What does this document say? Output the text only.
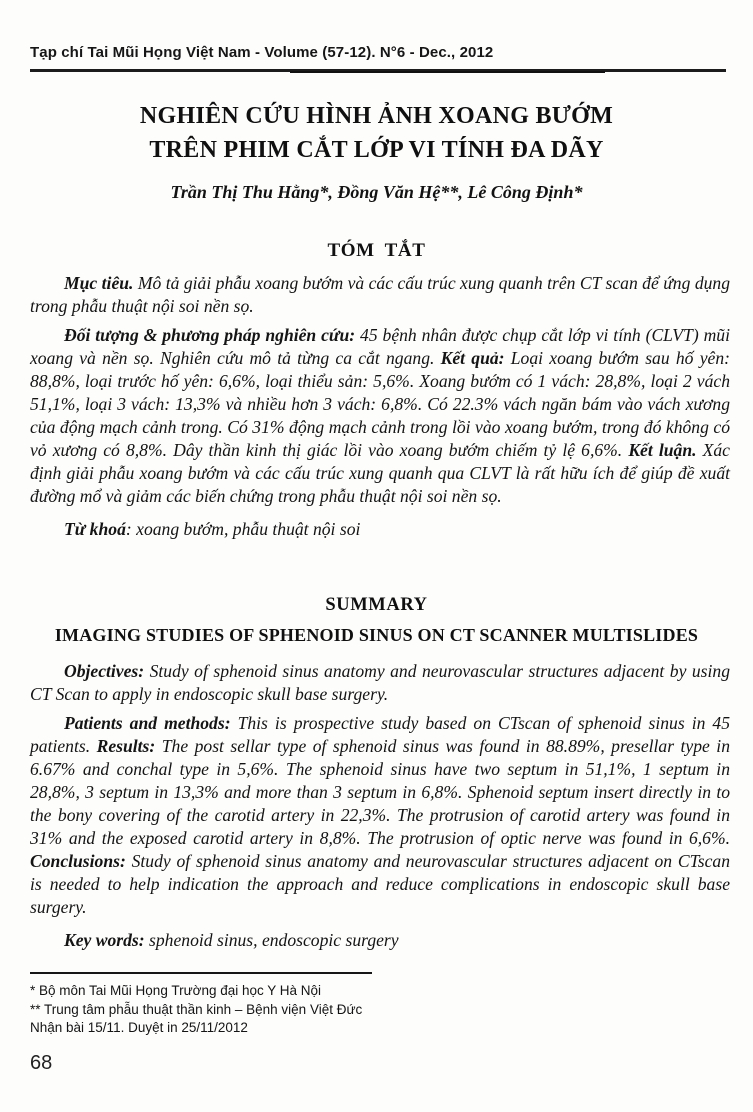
Tạp chí Tai Mũi Họng Việt Nam - Volume (57-12). N°6 - Dec., 2012
NGHIÊN CỨU HÌNH ẢNH XOANG BƯỚM
TRÊN PHIM CẮT LỚP VI TÍNH ĐA DÃY
Trần Thị Thu Hằng*, Đồng Văn Hệ**, Lê Công Định*
TÓM TẮT

Mục tiêu. Mô tả giải phẫu xoang bướm và các cấu trúc xung quanh trên CT scan để ứng dụng trong phẫu thuật nội soi nền sọ.

Đối tượng & phương pháp nghiên cứu: 45 bệnh nhân được chụp cắt lớp vi tính (CLVT) mũi xoang và nền sọ. Nghiên cứu mô tả từng ca cắt ngang. Kết quả: Loại xoang bướm sau hố yên: 88,8%, loại trước hố yên: 6,6%, loại thiểu sản: 5,6%. Xoang bướm có 1 vách: 28,8%, loại 2 vách 51,1%, loại 3 vách: 13,3% và nhiều hơn 3 vách: 6,8%. Có 22.3% vách ngăn bám vào vách xương của động mạch cảnh trong. Có 31% động mạch cảnh trong lồi vào xoang bướm, trong đó không có vỏ xương có 8,8%. Dây thần kinh thị giác lồi vào xoang bướm chiếm tỷ lệ 6,6%. Kết luận. Xác định giải phẫu xoang bướm và các cấu trúc xung quanh qua CLVT là rất hữu ích để giúp đề xuất đường mổ và giảm các biến chứng trong phẫu thuật nội soi nền sọ.

Từ khoá: xoang bướm, phẫu thuật nội soi

SUMMARY
IMAGING STUDIES OF SPHENOID SINUS ON CT SCANNER MULTISLIDES

Objectives: Study of sphenoid sinus anatomy and neurovascular structures adjacent by using CT Scan to apply in endoscopic skull base surgery.

Patients and methods: This is prospective study based on CTscan of sphenoid sinus in 45 patients. Results: The post sellar type of sphenoid sinus was found in 88.89%, presellar type in 6.67% and conchal type in 5,6%. The sphenoid sinus have two septum in 51,1%, 1 septum in 28,8%, 3 septum in 13,3% and more than 3 septum in 6,8%. Sphenoid septum insert directly in to the bony covering of the carotid artery in 22,3%. The protrusion of carotid artery was found in 31% and the exposed carotid artery in 8,8%. The protrusion of optic nerve was found in 6,6%. Conclusions: Study of sphenoid sinus anatomy and neurovascular structures adjacent on CTscan is needed to help indication the approach and reduce complications in endoscopic skull base surgery.

Key words: sphenoid sinus, endoscopic surgery

* Bộ môn Tai Mũi Họng Trường đại học Y Hà Nội
** Trung tâm phẫu thuật thần kinh – Bệnh viện Việt Đức
Nhận bài 15/11. Duyệt in 25/11/2012
68
